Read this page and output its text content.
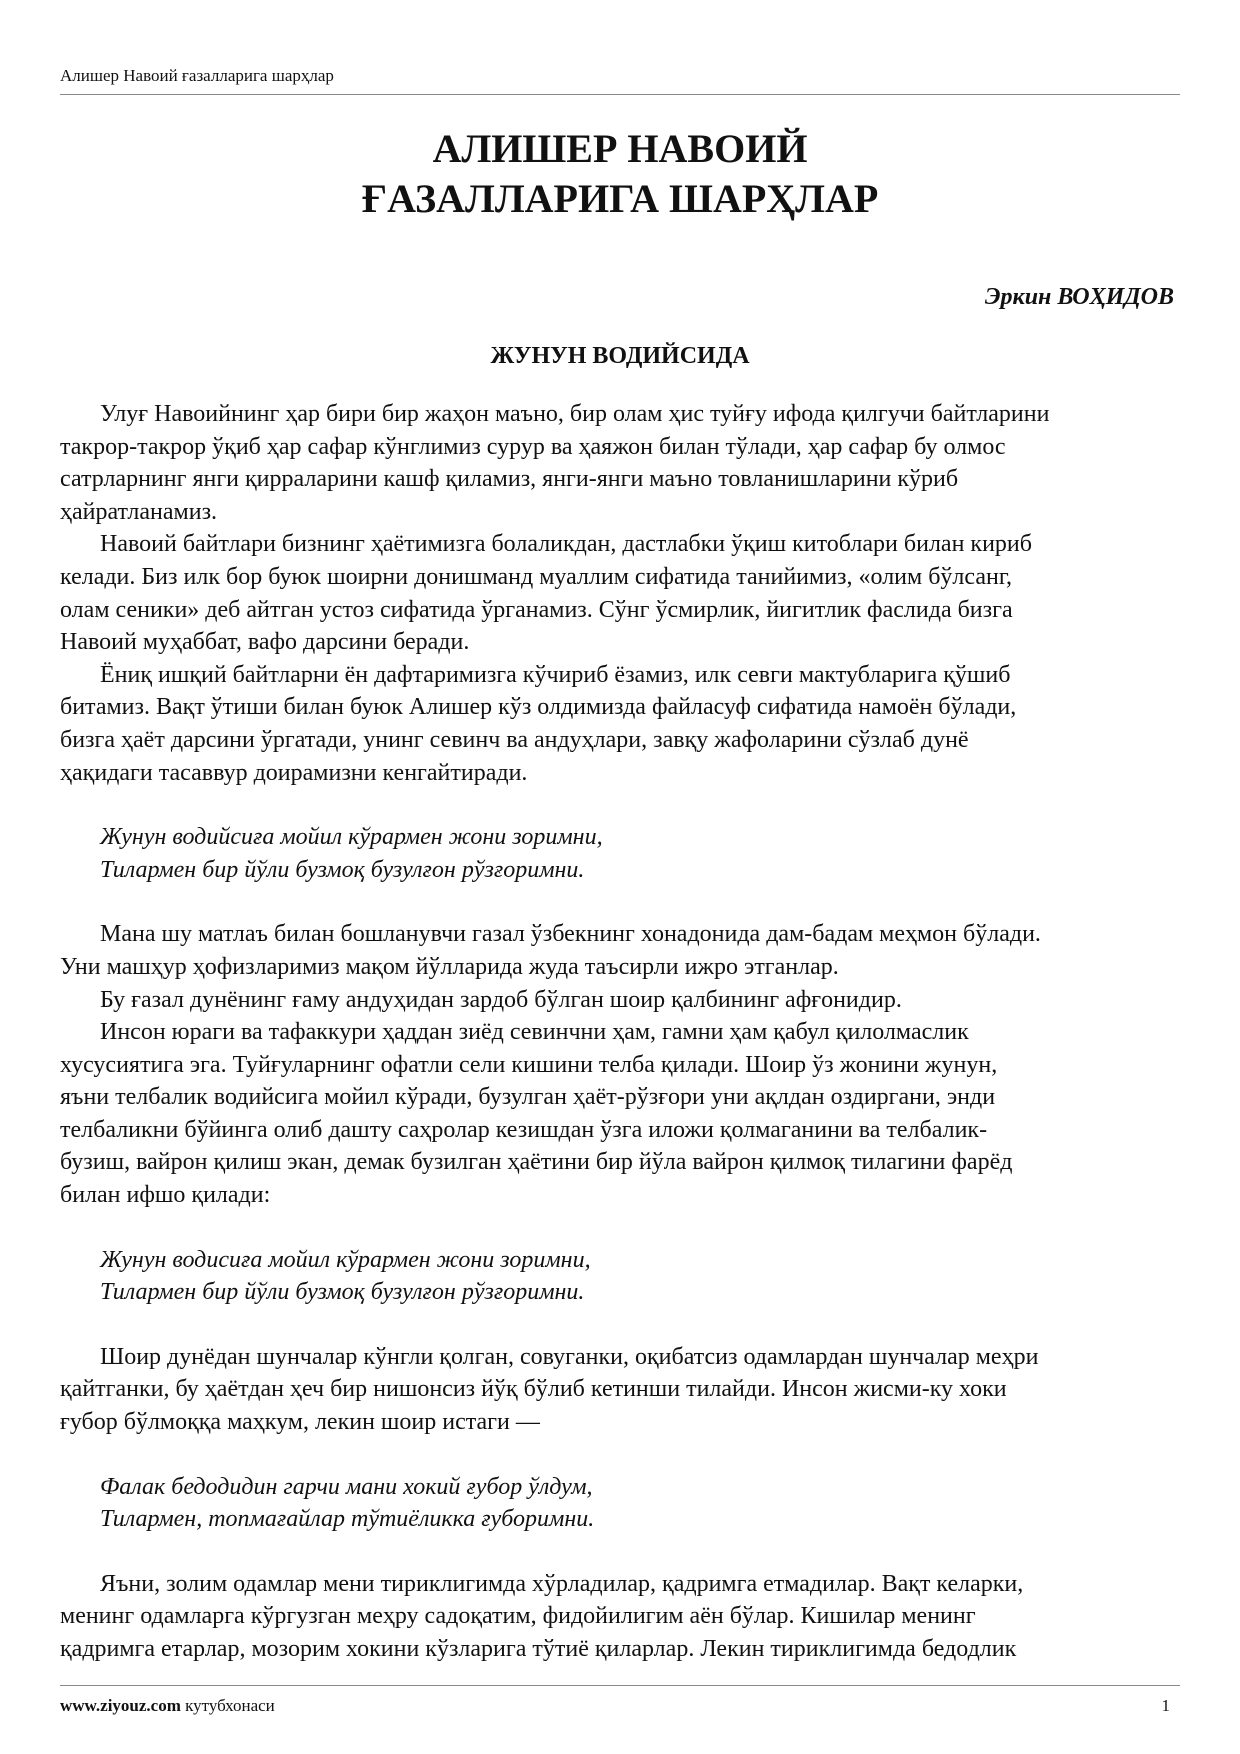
Алишер Навоий ғазалларига шарҳлар
АЛИШЕР НАВОИЙ
ҒАЗАЛЛАРИГА ШАРҲЛАР
Эркин ВОҲИДОВ
ЖУНУН ВОДИЙСИДА

Улуғ Навоийнинг ҳар бири бир жаҳон маъно, бир олам ҳис туйғу ифода қилгучи байтларини
такрор-такрор ўқиб ҳар сафар кўнглимиз сурур ва ҳаяжон билан тўлади, ҳар сафар бу олмос
сатрларнинг янги қирраларини кашф қиламиз, янги-янги маъно товланишларини кўриб
ҳайратланамиз.

Навоий байтлари бизнинг ҳаётимизга болаликдан, дастлабки ўқиш китоблари билан кириб
келади. Биз илк бор буюк шоирни донишманд муаллим сифатида танийимиз, «олим бўлсанг,
олам сеники» деб айтган устоз сифатида ўрганамиз. Сўнг ўсмирлик, йигитлик фаслида бизга
Навоий муҳаббат, вафо дарсини беради.

Ёниқ ишқий байтларни ён дафтаримизга кўчириб ёзамиз, илк севги мактубларига қўшиб
битамиз. Вақт ўтиши билан буюк Алишер кўз олдимизда файласуф сифатида намоён бўлади,
бизга ҳаёт дарсини ўргатади, унинг севинч ва андуҳлари, завқу жафоларини сўзлаб дунё
ҳақидаги тасаввур доирамизни кенгайтиради.

Жунун водийсиға мойил кўрармен жони зоримни,
Тилармен бир йўли бузмоқ бузулғон рўзғоримни.

Мана шу матлаъ билан бошланувчи газал ўзбекнинг хонадонида дам-бадам меҳмон бўлади.
Уни машҳур ҳофизларимиз мақом йўлларида жуда таъсирли ижро этганлар.

Бу ғазал дунёнинг ғаму андуҳидан зардоб бўлган шоир қалбининг афғонидир.

Инсон юраги ва тафаккури ҳаддан зиёд севинчни ҳам, гамни ҳам қабул қилолмаслик
хусусиятига эга. Туйғуларнинг офатли сели кишини телба қилади. Шоир ўз жонини жунун,
яъни телбалик водийсига мойил кўради, бузулган ҳаёт-рўзғори уни ақлдан оздиргани, энди
телбаликни бўйинга олиб дашту саҳролар кезишдан ўзга иложи қолмаганини ва телбалик-
бузиш, вайрон қилиш экан, демак бузилган ҳаётини бир йўла вайрон қилмоқ тилагини фарёд
билан ифшо қилади:

Жунун водисиға мойил кўрармен жони зоримни,
Тилармен бир йўли бузмоқ бузулғон рўзғоримни.

Шоир дунёдан шунчалар кўнгли қолган, совуганки, оқибатсиз одамлардан шунчалар меҳри
қайтганки, бу ҳаётдан ҳеч бир нишонсиз йўқ бўлиб кетинши тилайди. Инсон жисми-ку хоки
ғубор бўлмоққа маҳкум, лекин шоир истаги —

Фалак бедодидин гарчи мани хокий ғубор ўлдум,
Тилармен, топмағайлар тўтиёликка ғуборимни.

Яъни, золим одамлар мени тириклигимда хўрладилар, қадримга етмадилар. Вақт келарки,
менинг одамларга кўргузган меҳру садоқатим, фидойилигим аён бўлар. Кишилар менинг
қадримга етарлар, мозорим хокини кўзларига тўтиё қиларлар. Лекин тириклигимда бедодлик

www.ziyouz.com кутубхонаси	1
